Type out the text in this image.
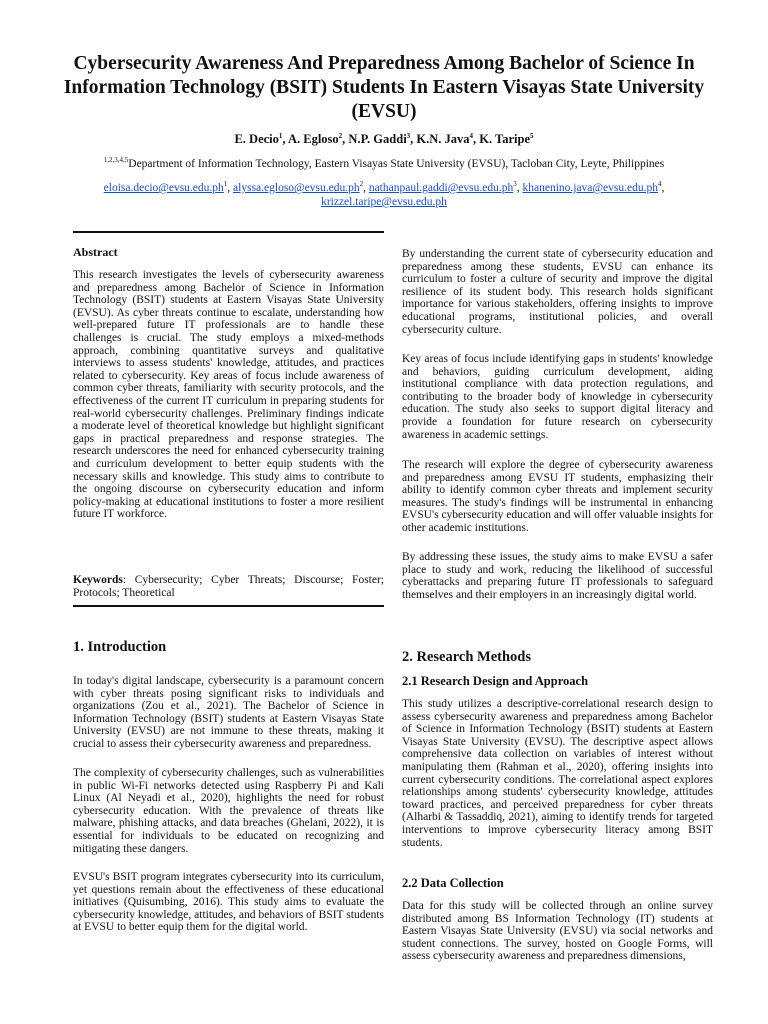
Cybersecurity Awareness And Preparedness Among Bachelor of Science In Information Technology (BSIT) Students In Eastern Visayas State University (EVSU)
E. Decio$^1$, A. Egloso$^2$, N.P. Gaddi$^3$, K.N. Java$^4$, K. Taripe$^5$
$^{1,2,3,4,5}$Department of Information Technology, Eastern Visayas State University (EVSU), Tacloban City, Leyte, Philippines
$eloisa.decio@evsu.edu.ph^1$, $alyssa.egloso@evsu.edu.ph^2$, $nathanpaul.gaddi@evsu.edu.ph^3$, $khanenino.java@evsu.edu.ph^4$,
krizzel.taripe@evsu.edu.ph
Abstract

This research investigates the levels of cybersecurity awareness and preparedness among Bachelor of Science in Information Technology (BSIT) students at Eastern Visayas State University (EVSU). As cyber threats continue to escalate, understanding how well-prepared future IT professionals are to handle these challenges is crucial. The study employs a mixed-methods approach, combining quantitative surveys and qualitative interviews to assess students' knowledge, attitudes, and practices related to cybersecurity. Key areas of focus include awareness of common cyber threats, familiarity with security protocols, and the effectiveness of the current IT curriculum in preparing students for real-world cybersecurity challenges. Preliminary findings indicate a moderate level of theoretical knowledge but highlight significant gaps in practical preparedness and response strategies. The research underscores the need for enhanced cybersecurity training and curriculum development to better equip students with the necessary skills and knowledge. This study aims to contribute to the ongoing discourse on cybersecurity education and inform policy-making at educational institutions to foster a more resilient future IT workforce.

Keywords: Cybersecurity; Cyber Threats; Discourse; Foster; Protocols; Theoretical

1. Introduction

In today's digital landscape, cybersecurity is a paramount concern with cyber threats posing significant risks to individuals and organizations (Zou et al., 2021). The Bachelor of Science in Information Technology (BSIT) students at Eastern Visayas State University (EVSU) are not immune to these threats, making it crucial to assess their cybersecurity awareness and preparedness.

The complexity of cybersecurity challenges, such as vulnerabilities in public Wi-Fi networks detected using Raspberry Pi and Kali Linux (Al Neyadi et al., 2020), highlights the need for robust cybersecurity education. With the prevalence of threats like malware, phishing attacks, and data breaches (Ghelani, 2022), it is essential for individuals to be educated on recognizing and mitigating these dangers.

EVSU's BSIT program integrates cybersecurity into its curriculum, yet questions remain about the effectiveness of these educational initiatives (Quisumbing, 2016). This study aims to evaluate the cybersecurity knowledge, attitudes, and behaviors of BSIT students at EVSU to better equip them for the digital world.

By understanding the current state of cybersecurity education and preparedness among these students, EVSU can enhance its curriculum to foster a culture of security and improve the digital resilience of its student body. This research holds significant importance for various stakeholders, offering insights to improve educational programs, institutional policies, and overall cybersecurity culture.

Key areas of focus include identifying gaps in students' knowledge and behaviors, guiding curriculum development, aiding institutional compliance with data protection regulations, and contributing to the broader body of knowledge in cybersecurity education. The study also seeks to support digital literacy and provide a foundation for future research on cybersecurity awareness in academic settings.

The research will explore the degree of cybersecurity awareness and preparedness among EVSU IT students, emphasizing their ability to identify common cyber threats and implement security measures. The study's findings will be instrumental in enhancing EVSU's cybersecurity education and will offer valuable insights for other academic institutions.

By addressing these issues, the study aims to make EVSU a safer place to study and work, reducing the likelihood of successful cyberattacks and preparing future IT professionals to safeguard themselves and their employers in an increasingly digital world.

2. Research Methods
2.1 Research Design and Approach

This study utilizes a descriptive-correlational research design to assess cybersecurity awareness and preparedness among Bachelor of Science in Information Technology (BSIT) students at Eastern Visayas State University (EVSU). The descriptive aspect allows comprehensive data collection on variables of interest without manipulating them (Rahman et al., 2020), offering insights into current cybersecurity conditions. The correlational aspect explores relationships among students' cybersecurity knowledge, attitudes toward practices, and perceived preparedness for cyber threats (Alharbi & Tassaddiq, 2021), aiming to identify trends for targeted interventions to improve cybersecurity literacy among BSIT students.

2.2 Data Collection

Data for this study will be collected through an online survey distributed among BS Information Technology (IT) students at Eastern Visayas State University (EVSU) via social networks and student connections. The survey, hosted on Google Forms, will assess cybersecurity awareness and preparedness dimensions,
